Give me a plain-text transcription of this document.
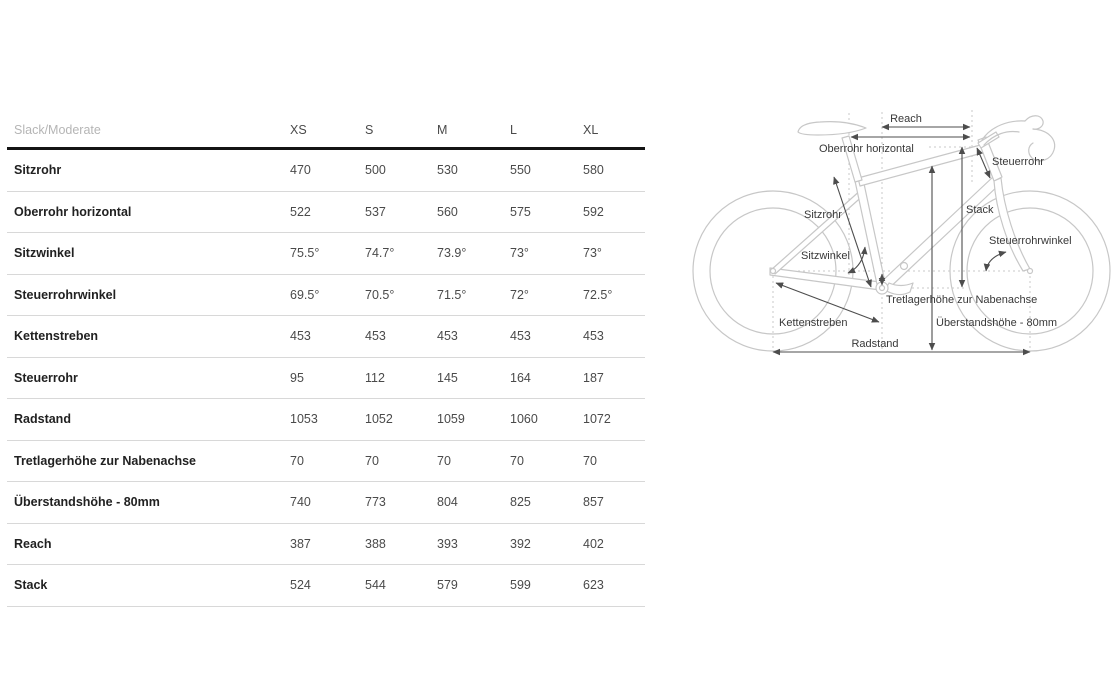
Slack/Moderate	XS	S	M	L	XL
Sitzrohr	470	500	530	550	580
Oberrohr horizontal	522	537	560	575	592
Sitzwinkel	75.5°	74.7°	73.9°	73°	73°
Steuerrohrwinkel	69.5°	70.5°	71.5°	72°	72.5°
Kettenstreben	453	453	453	453	453
Steuerrohr	95	112	145	164	187
Radstand	1053	1052	1059	1060	1072
Tretlagerhöhe zur Nabenachse	70	70	70	70	70
Überstandshöhe - 80mm	740	773	804	825	857
Reach	387	388	393	392	402
Stack	524	544	579	599	623
Reach
Oberrohr horizontal
Steuerrohr
Sitzrohr	Stack
Sitzwinkel
Steuerrohrwinkel
Tretlagerhöhe zur Nabenachse
Überstandshöhe - 80mm
Kettenstreben
Radstand
